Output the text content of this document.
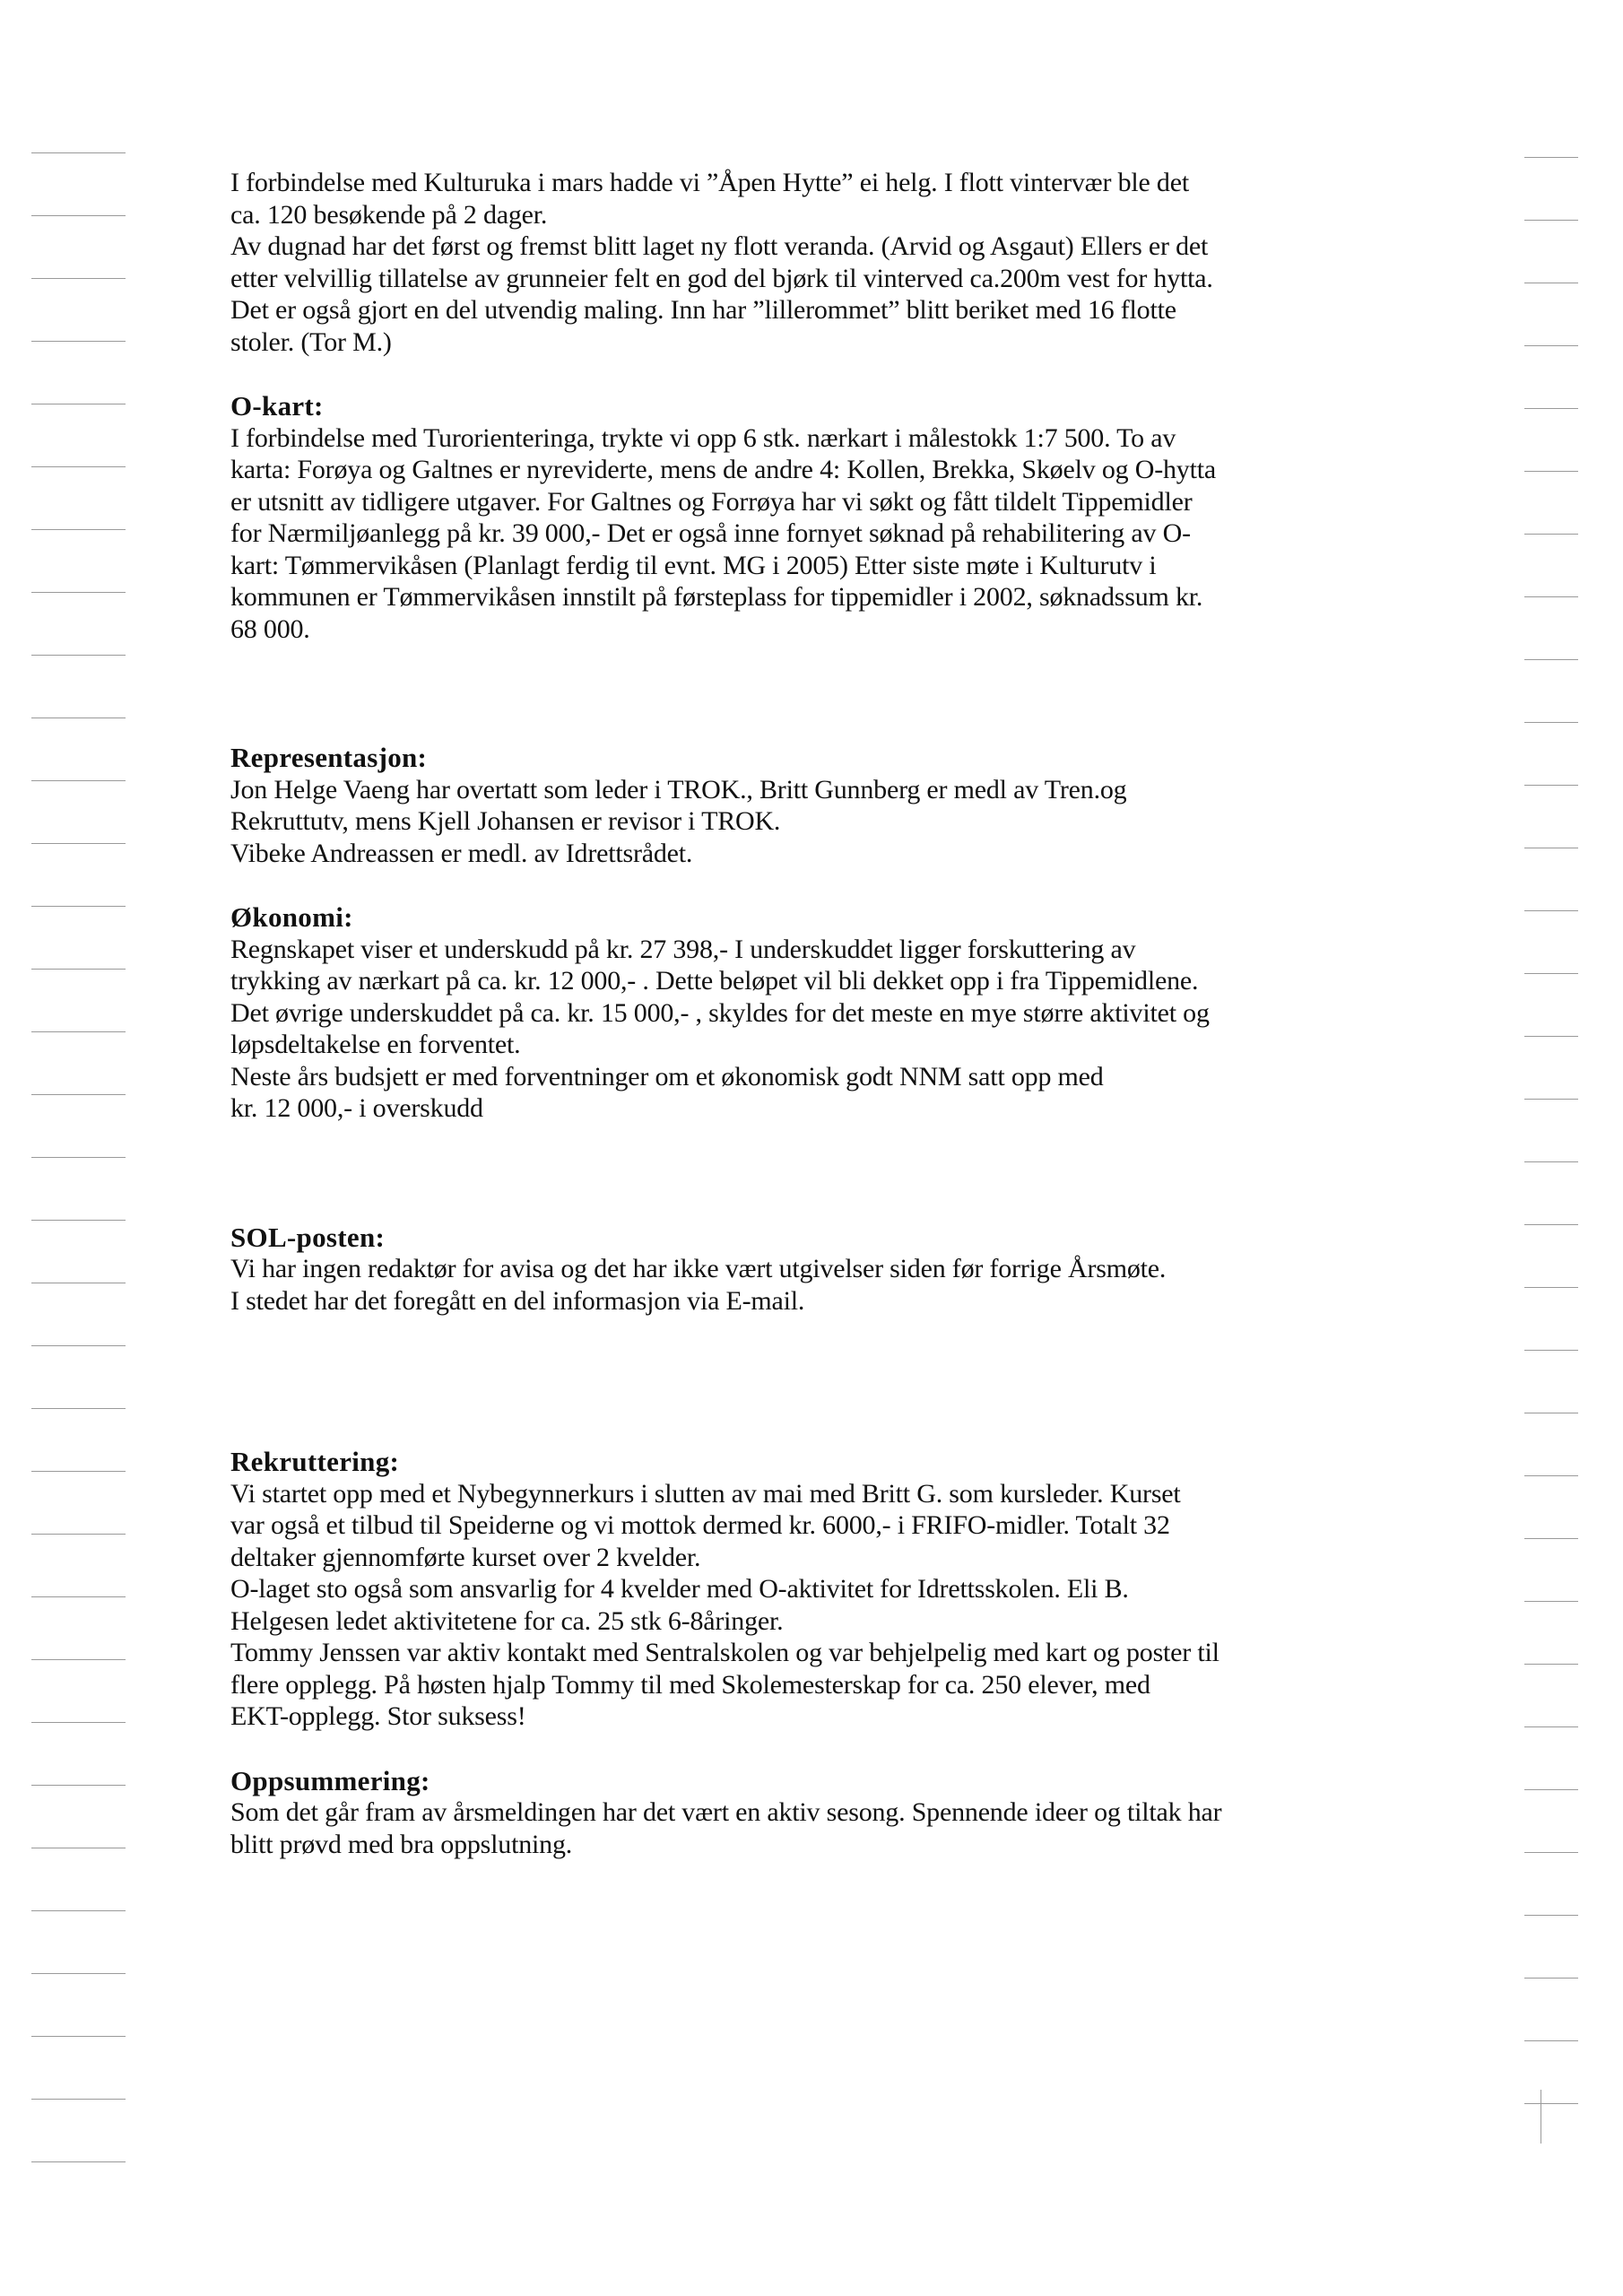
I forbindelse med Kulturuka i mars hadde vi ”Åpen Hytte” ei helg. I flott vintervær ble det
ca. 120 besøkende på 2 dager.
Av dugnad har det først og fremst blitt laget ny flott veranda. (Arvid og Asgaut) Ellers er det
etter velvillig tillatelse av grunneier felt en god del bjørk til vinterved ca.200m vest for hytta.
Det er også gjort en del utvendig maling. Inn har ”lillerommet” blitt beriket med 16 flotte
stoler. (Tor M.)
O-kart:
I forbindelse med Turorienteringa, trykte vi opp 6 stk. nærkart i målestokk 1:7 500. To av
karta: Forøya og Galtnes er nyreviderte, mens de andre 4: Kollen, Brekka, Skøelv og O-hytta
er utsnitt av tidligere utgaver. For Galtnes og Forrøya har vi søkt og fått tildelt Tippemidler
for Nærmiljøanlegg på kr. 39 000,- Det er også inne fornyet søknad på rehabilitering av O-
kart: Tømmervikåsen (Planlagt ferdig til evnt. MG i 2005) Etter siste møte i Kulturutv i
kommunen er Tømmervikåsen innstilt på førsteplass for tippemidler i 2002, søknadssum kr.
68 000.
Representasjon:
Jon Helge Vaeng har overtatt som leder i TROK., Britt Gunnberg er medl av Tren.og
Rekruttutv, mens Kjell Johansen er revisor i TROK.
Vibeke Andreassen er medl. av Idrettsrådet.
Økonomi:
Regnskapet viser et underskudd på kr. 27 398,- I underskuddet ligger forskuttering av
trykking av nærkart på ca. kr. 12 000,- . Dette beløpet vil bli dekket opp i fra Tippemidlene.
Det øvrige underskuddet på ca. kr. 15 000,- , skyldes for det meste en mye større aktivitet og
løpsdeltakelse en forventet.
Neste års budsjett er med forventninger om et økonomisk godt NNM satt opp med
kr. 12 000,- i overskudd
SOL-posten:
Vi har ingen redaktør for avisa og det har ikke vært utgivelser siden før forrige Årsmøte.
I stedet har det foregått en del informasjon via E-mail.
Rekruttering:
Vi startet opp med et Nybegynnerkurs i slutten av mai med Britt G. som kursleder. Kurset
var også et tilbud til Speiderne og vi mottok dermed kr. 6000,- i FRIFO-midler. Totalt 32
deltaker gjennomførte kurset over 2 kvelder.
O-laget sto også som ansvarlig for 4 kvelder med O-aktivitet for Idrettsskolen. Eli B.
Helgesen ledet aktivitetene for ca. 25 stk 6-8åringer.
Tommy Jenssen var aktiv kontakt med Sentralskolen og var behjelpelig med kart og poster til
flere opplegg. På høsten hjalp Tommy til med Skolemesterskap for ca. 250 elever, med
EKT-opplegg. Stor suksess!
Oppsummering:
Som det går fram av årsmeldingen har det vært en aktiv sesong. Spennende ideer og tiltak har
blitt prøvd med bra oppslutning.
